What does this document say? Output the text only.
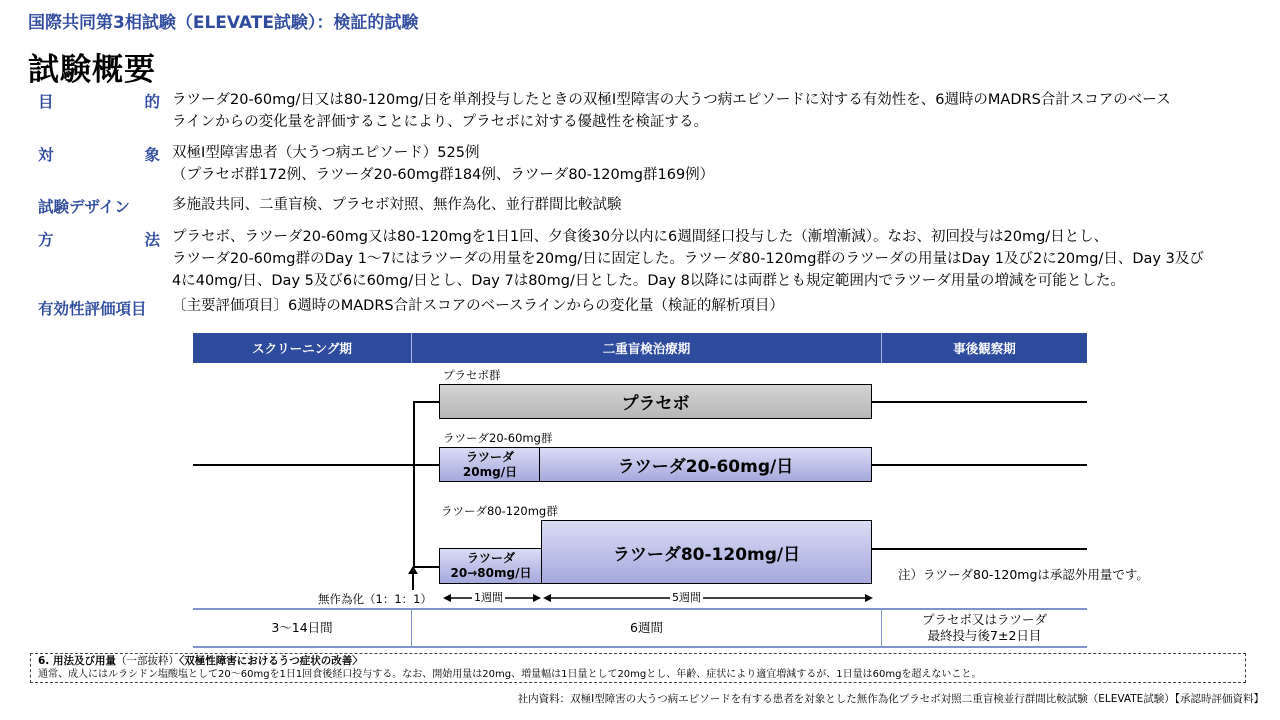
国際共同第3相試験（ELEVATE試験）：検証的試験
試験概要
目	的 ラツーダ20-60mg/日又は80-120mg/日を単剤投与したときの双極Ⅰ型障害の大うつ病エピソードに対する有効性を、6週時のMADRS合計スコアのベース
ラインからの変化量を評価することにより、プラセボに対する優越性を検証する。
対	象 双極Ⅰ型障害患者（大うつ病エピソード）525例
（プラセボ群172例、ラツーダ20-60mg群184例、ラツーダ80-120mg群169例）
試験デザイン	多施設共同、二重盲検、プラセボ対照、無作為化、並行群間比較試験
方	法 プラセボ、ラツーダ20-60mg又は80-120mgを1日1回、夕食後30分以内に6週間経口投与した（漸増漸減）。なお、初回投与は20mg/日とし、
ラツーダ20-60mg群のDay 1～7にはラツーダの用量を20mg/日に固定した。ラツーダ80-120mg群のラツーダの用量はDay 1及び2に20mg/日、Day 3及び
4に40mg/日、Day 5及び6に60mg/日とし、Day 7は80mg/日とした。Day 8以降には両群とも規定範囲内でラツーダ用量の増減を可能とした。
有効性評価項目	〔主要評価項目〕6週時のMADRS合計スコアのベースラインからの変化量（検証的解析項目）
スクリーニング期	二重盲検治療期	事後観察期
プラセボ群
プラセボ
ラツーダ20-60mg群
ラツーダ
20mg/日	ラツーダ20-60mg/日
ラツーダ80-120mg群
ラツーダ
20→80mg/日
ラツーダ80-120mg/日
注）ラツーダ80-120mgは承認外用量です。
無作為化（1：1：1）	1週間	5週間
3～14日間	6週間
プラセボ又はラツーダ
最終投与後7±2日目
6. 用法及び用量（一部抜粋）〈双極性障害におけるうつ症状の改善〉
通常、成人にはルラシドン塩酸塩として20～60mgを1日1回食後経口投与する。なお、開始用量は20mg、増量幅は1日量として20mgとし、年齢、症状により適宜増減するが、1日量は60mgを超えないこと。
社内資料：双極Ⅰ型障害の大うつ病エピソードを有する患者を対象とした無作為化プラセボ対照二重盲検並行群間比較試験（ELEVATE試験）【承認時評価資料】
